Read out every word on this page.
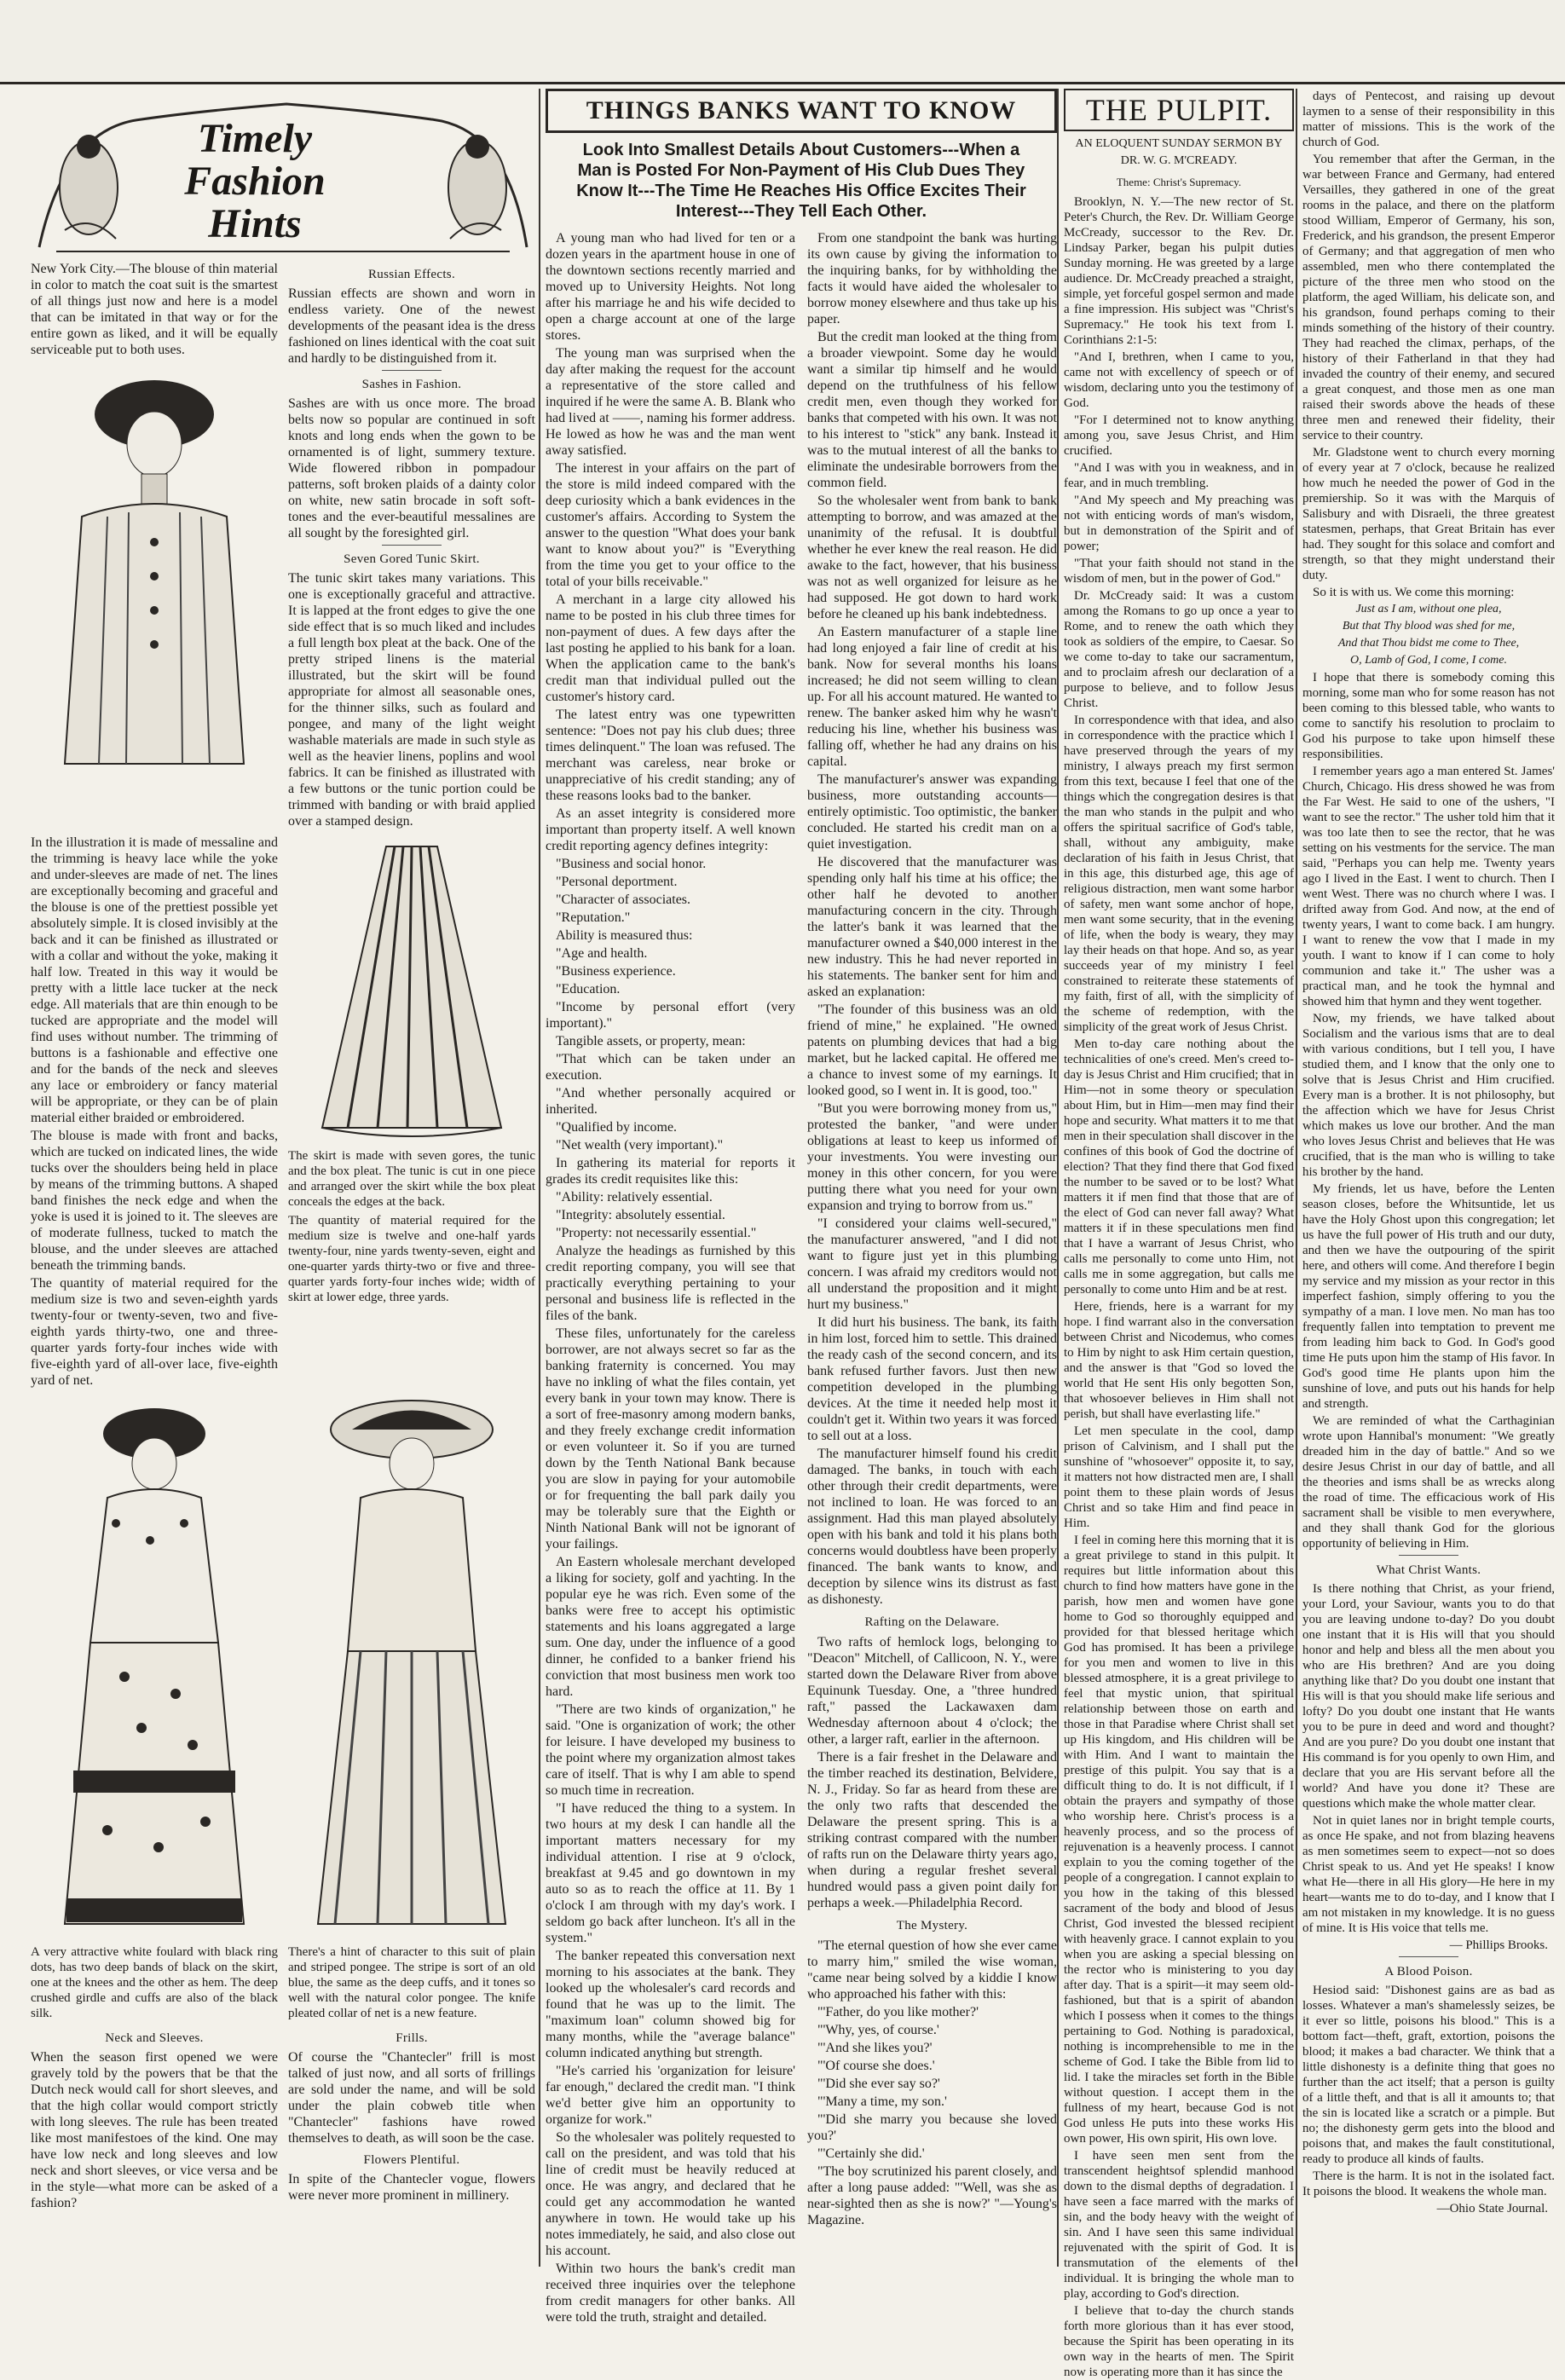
Timely
Fashion
Hints

New York City.—The blouse of thin material in color to match the coat suit is the smartest of all things just now and here is a model that can be imitated in that way or for the entire gown as liked, and it will be equally serviceable put to both uses.

Russian Effects.

Russian effects are shown and worn in endless variety. One of the newest developments of the peasant idea is the dress fashioned on lines identical with the coat suit and hardly to be distinguished from it.

Sashes in Fashion.

Sashes are with us once more. The broad belts now so popular are continued in soft knots and long ends when the gown to be ornamented is of light, summery texture. Wide flowered ribbon in pompadour patterns, soft broken plaids of a dainty color on white, new satin brocade in soft soft-tones and the ever-beautiful messalines are all sought by the foresighted girl.

Seven Gored Tunic Skirt.

The tunic skirt takes many variations. This one is exceptionally graceful and attractive. It is lapped at the front edges to give the one side effect that is so much liked and includes a full length box pleat at the back. One of the pretty striped linens is the material illustrated, but the skirt will be found appropriate for almost all seasonable ones, for the thinner silks, such as foulard and pongee, and many of the light weight washable materials are made in such style as well as the heavier linens, poplins and wool fabrics. It can be finished as illustrated with a few buttons or the tunic portion could be trimmed with banding or with braid applied over a stamped design.

In the illustration it is made of messaline and the trimming is heavy lace while the yoke and under-sleeves are made of net. The lines are exceptionally becoming and graceful and the blouse is one of the prettiest possible yet absolutely simple. It is closed invisibly at the back and it can be finished as illustrated or with a collar and without the yoke, making it half low. Treated in this way it would be pretty with a little lace tucker at the neck edge. All materials that are thin enough to be tucked are appropriate and the model will find uses without number. The trimming of buttons is a fashionable and effective one and for the bands of the neck and sleeves any lace or embroidery or fancy material will be appropriate, or they can be of plain material either braided or embroidered.

The blouse is made with front and backs, which are tucked on indicated lines, the wide tucks over the shoulders being held in place by means of the trimming buttons. A shaped band finishes the neck edge and when the yoke is used it is joined to it. The sleeves are of moderate fullness, tucked to match the blouse, and the under sleeves are attached beneath the trimming bands.

The quantity of material required for the medium size is two and seven-eighth yards twenty-four or twenty-seven, two and five-eighth yards thirty-two, one and three-quarter yards forty-four inches wide with five-eighth yard of all-over lace, five-eighth yard of net.

The skirt is made with seven gores, the tunic and the box pleat. The tunic is cut in one piece and arranged over the skirt while the box pleat conceals the edges at the back.

The quantity of material required for the medium size is twelve and one-half yards twenty-four, nine yards twenty-seven, eight and one-quarter yards thirty-two or five and three-quarter yards forty-four inches wide; width of skirt at lower edge, three yards.

A very attractive white foulard with black ring dots, has two deep bands of black on the skirt, one at the knees and the other as hem. The deep crushed girdle and cuffs are also of the black silk.

There's a hint of character to this suit of plain and striped pongee. The stripe is sort of an old blue, the same as the deep cuffs, and it tones so well with the natural color pongee. The knife pleated collar of net is a new feature.

Neck and Sleeves.

When the season first opened we were gravely told by the powers that be that the Dutch neck would call for short sleeves, and that the high collar would comport strictly with long sleeves. The rule has been treated like most manifestoes of the kind. One may have low neck and long sleeves and low neck and short sleeves, or vice versa and be in the style—what more can be asked of a fashion?

Frills.

Of course the "Chantecler" frill is most talked of just now, and all sorts of frillings are sold under the name, and will be sold under the plain cobweb title when "Chantecler" fashions have rowed themselves to death, as will soon be the case.

Flowers Plentiful.

In spite of the Chantecler vogue, flowers were never more prominent in millinery.

THINGS BANKS WANT TO KNOW
Look Into Smallest Details About Customers---When a Man is Posted For Non-Payment of His Club Dues They Know It---The Time He Reaches His Office Excites Their Interest---They Tell Each Other.

A young man who had lived for ten or a dozen years in the apartment house in one of the downtown sections recently married and moved up to University Heights. Not long after his marriage he and his wife decided to open a charge account at one of the large stores.

The young man was surprised when the day after making the request for the account a representative of the store called and inquired if he were the same A. B. Blank who had lived at ——, naming his former address. He lowed as how he was and the man went away satisfied.

The interest in your affairs on the part of the store is mild indeed compared with the deep curiosity which a bank evidences in the customer's affairs. According to System the answer to the question "What does your bank want to know about you?" is "Everything from the time you get to your office to the total of your bills receivable."

A merchant in a large city allowed his name to be posted in his club three times for non-payment of dues. A few days after the last posting he applied to his bank for a loan. When the application came to the bank's credit man that individual pulled out the customer's history card.

The latest entry was one typewritten sentence: "Does not pay his club dues; three times delinquent." The loan was refused. The merchant was careless, near broke or unappreciative of his credit standing; any of these reasons looks bad to the banker.

As an asset integrity is considered more important than property itself. A well known credit reporting agency defines integrity:

"Business and social honor.

"Personal deportment.

"Character of associates.

"Reputation."

Ability is measured thus:

"Age and health.

"Business experience.

"Education.

"Income by personal effort (very important)."

Tangible assets, or property, mean:

"That which can be taken under an execution.

"And whether personally acquired or inherited.

"Qualified by income.

"Net wealth (very important)."

In gathering its material for reports it grades its credit requisites like this:

"Ability: relatively essential.

"Integrity: absolutely essential.

"Property: not necessarily essential."

Analyze the headings as furnished by this credit reporting company, you will see that practically everything pertaining to your personal and business life is reflected in the files of the bank.

These files, unfortunately for the careless borrower, are not always secret so far as the banking fraternity is concerned. You may have no inkling of what the files contain, yet every bank in your town may know. There is a sort of free-masonry among modern banks, and they freely exchange credit information or even volunteer it. So if you are turned down by the Tenth National Bank because you are slow in paying for your automobile or for frequenting the ball park daily you may be tolerably sure that the Eighth or Ninth National Bank will not be ignorant of your failings.

An Eastern wholesale merchant developed a liking for society, golf and yachting. In the popular eye he was rich. Even some of the banks were free to accept his optimistic statements and his loans aggregated a large sum. One day, under the influence of a good dinner, he confided to a banker friend his conviction that most business men work too hard.

"There are two kinds of organization," he said. "One is organization of work; the other for leisure. I have developed my business to the point where my organization almost takes care of itself. That is why I am able to spend so much time in recreation.

"I have reduced the thing to a system. In two hours at my desk I can handle all the important matters necessary for my individual attention. I rise at 9 o'clock, breakfast at 9.45 and go downtown in my auto so as to reach the office at 11. By 1 o'clock I am through with my day's work. I seldom go back after luncheon. It's all in the system."

The banker repeated this conversation next morning to his associates at the bank. They looked up the wholesaler's card records and found that he was up to the limit. The "maximum loan" column showed big for many months, while the "average balance" column indicated anything but strength.

"He's carried his 'organization for leisure' far enough," declared the credit man. "I think we'd better give him an opportunity to organize for work."

So the wholesaler was politely requested to call on the president, and was told that his line of credit must be heavily reduced at once. He was angry, and declared that he could get any accommodation he wanted anywhere in town. He would take up his notes immediately, he said, and also close out his account.

Within two hours the bank's credit man received three inquiries over the telephone from credit managers for other banks. All were told the truth, straight and detailed.

From one standpoint the bank was hurting its own cause by giving the information to the inquiring banks, for by withholding the facts it would have aided the wholesaler to borrow money elsewhere and thus take up his paper.

But the credit man looked at the thing from a broader viewpoint. Some day he would want a similar tip himself and he would depend on the truthfulness of his fellow credit men, even though they worked for banks that competed with his own. It was not to his interest to "stick" any bank. Instead it was to the mutual interest of all the banks to eliminate the undesirable borrowers from the common field.

So the wholesaler went from bank to bank attempting to borrow, and was amazed at the unanimity of the refusal. It is doubtful whether he ever knew the real reason. He did awake to the fact, however, that his business was not as well organized for leisure as he had supposed. He got down to hard work before he cleaned up his bank indebtedness.

An Eastern manufacturer of a staple line had long enjoyed a fair line of credit at his bank. Now for several months his loans increased; he did not seem willing to clean up. For all his account matured. He wanted to renew. The banker asked him why he wasn't reducing his line, whether his business was falling off, whether he had any drains on his capital.

The manufacturer's answer was expanding business, more outstanding accounts—entirely optimistic. Too optimistic, the banker concluded. He started his credit man on a quiet investigation.

He discovered that the manufacturer was spending only half his time at his office; the other half he devoted to another manufacturing concern in the city. Through the latter's bank it was learned that the manufacturer owned a $40,000 interest in the new industry. This he had never reported in his statements. The banker sent for him and asked an explanation:

"The founder of this business was an old friend of mine," he explained. "He owned patents on plumbing devices that had a big market, but he lacked capital. He offered me a chance to invest some of my earnings. It looked good, so I went in. It is good, too."

"But you were borrowing money from us," protested the banker, "and were under obligations at least to keep us informed of your investments. You were investing our money in this other concern, for you were putting there what you need for your own expansion and trying to borrow from us."

"I considered your claims well-secured," the manufacturer answered, "and I did not want to figure just yet in this plumbing concern. I was afraid my creditors would not all understand the proposition and it might hurt my business."

It did hurt his business. The bank, its faith in him lost, forced him to settle. This drained the ready cash of the second concern, and its bank refused further favors. Just then new competition developed in the plumbing devices. At the time it needed help most it couldn't get it. Within two years it was forced to sell out at a loss.

The manufacturer himself found his credit damaged. The banks, in touch with each other through their credit departments, were not inclined to loan. He was forced to an assignment. Had this man played absolutely open with his bank and told it his plans both concerns would doubtless have been properly financed. The bank wants to know, and deception by silence wins its distrust as fast as dishonesty.

Rafting on the Delaware.

Two rafts of hemlock logs, belonging to "Deacon" Mitchell, of Callicoon, N. Y., were started down the Delaware River from above Equinunk Tuesday. One, a "three hundred raft," passed the Lackawaxen dam Wednesday afternoon about 4 o'clock; the other, a larger raft, earlier in the afternoon.

There is a fair freshet in the Delaware and the timber reached its destination, Belvidere, N. J., Friday. So far as heard from these are the only two rafts that descended the Delaware the present spring. This is a striking contrast compared with the number of rafts run on the Delaware thirty years ago, when during a regular freshet several hundred would pass a given point daily for perhaps a week.—Philadelphia Record.

The Mystery.

"The eternal question of how she ever came to marry him," smiled the wise woman, "came near being solved by a kiddie I know who approached his father with this:

"'Father, do you like mother?'

"'Why, yes, of course.'

"'And she likes you?'

"'Of course she does.'

"'Did she ever say so?'

"'Many a time, my son.'

"'Did she marry you because she loved you?'

"'Certainly she did.'

"The boy scrutinized his parent closely, and after a long pause added: "'Well, was she as near-sighted then as she is now?' "—Young's Magazine.

THE PULPIT.
AN ELOQUENT SUNDAY SERMON BY
DR. W. G. M'CREADY.
Theme: Christ's Supremacy.

Brooklyn, N. Y.—The new rector of St. Peter's Church, the Rev. Dr. William George McCready, successor to the Rev. Dr. Lindsay Parker, began his pulpit duties Sunday morning. He was greeted by a large audience. Dr. McCready preached a straight, simple, yet forceful gospel sermon and made a fine impression. His subject was "Christ's Supremacy." He took his text from I. Corinthians 2:1-5:

"And I, brethren, when I came to you, came not with excellency of speech or of wisdom, declaring unto you the testimony of God.

"For I determined not to know anything among you, save Jesus Christ, and Him crucified.

"And I was with you in weakness, and in fear, and in much trembling.

"And My speech and My preaching was not with enticing words of man's wisdom, but in demonstration of the Spirit and of power;

"That your faith should not stand in the wisdom of men, but in the power of God."

Dr. McCready said: It was a custom among the Romans to go up once a year to Rome, and to renew the oath which they took as soldiers of the empire, to Caesar. So we come to-day to take our sacramentum, and to proclaim afresh our declaration of a purpose to believe, and to follow Jesus Christ.

In correspondence with that idea, and also in correspondence with the practice which I have preserved through the years of my ministry, I always preach my first sermon from this text, because I feel that one of the things which the congregation desires is that the man who stands in the pulpit and who offers the spiritual sacrifice of God's table, shall, without any ambiguity, make declaration of his faith in Jesus Christ, that in this age, this disturbed age, this age of religious distraction, men want some harbor of safety, men want some anchor of hope, men want some security, that in the evening of life, when the body is weary, they may lay their heads on that hope. And so, as year succeeds year of my ministry I feel constrained to reiterate these statements of my faith, first of all, with the simplicity of the scheme of redemption, with the simplicity of the great work of Jesus Christ.

Men to-day care nothing about the technicalities of one's creed. Men's creed to-day is Jesus Christ and Him crucified; that in Him—not in some theory or speculation about Him, but in Him—men may find their hope and security. What matters it to me that men in their speculation shall discover in the confines of this book of God the doctrine of election? That they find there that God fixed the number to be saved or to be lost? What matters it if men find that those that are of the elect of God can never fall away? What matters it if in these speculations men find that I have a warrant of Jesus Christ, who calls me personally to come unto Him, not calls me in some aggregation, but calls me personally to come unto Him and be at rest.

Here, friends, here is a warrant for my hope. I find warrant also in the conversation between Christ and Nicodemus, who comes to Him by night to ask Him certain question, and the answer is that "God so loved the world that He sent His only begotten Son, that whosoever believes in Him shall not perish, but shall have everlasting life."

Let men speculate in the cool, damp prison of Calvinism, and I shall put the sunshine of "whosoever" opposite it, to say, it matters not how distracted men are, I shall point them to these plain words of Jesus Christ and so take Him and find peace in Him.

I feel in coming here this morning that it is a great privilege to stand in this pulpit. It requires but little information about this church to find how matters have gone in the parish, how men and women have gone home to God so thoroughly equipped and provided for that blessed heritage which God has promised. It has been a privilege for you men and women to live in this blessed atmosphere, it is a great privilege to feel that mystic union, that spiritual relationship between those on earth and those in that Paradise where Christ shall set up His kingdom, and His children will be with Him. And I want to maintain the prestige of this pulpit. You say that is a difficult thing to do. It is not difficult, if I obtain the prayers and sympathy of those who worship here. Christ's process is a heavenly process, and so the process of rejuvenation is a heavenly process. I cannot explain to you the coming together of the people of a congregation. I cannot explain to you how in the taking of this blessed sacrament of the body and blood of Jesus Christ, God invested the blessed recipient with heavenly grace. I cannot explain to you when you are asking a special blessing on the rector who is ministering to you day after day. That is a spirit—it may seem old-fashioned, but that is a spirit of abandon which I possess when it comes to the things pertaining to God. Nothing is paradoxical, nothing is incomprehensible to me in the scheme of God. I take the Bible from lid to lid. I take the miracles set forth in the Bible without question. I accept them in the fullness of my heart, because God is not God unless He puts into these works His own power, His own spirit, His own love.

I have seen men sent from the transcendent heightsof splendid manhood down to the dismal depths of degradation. I have seen a face marred with the marks of sin, and the body heavy with the weight of sin. And I have seen this same individual rejuvenated with the spirit of God. It is transmutation of the elements of the individual. It is bringing the whole man to play, according to God's direction.

I believe that to-day the church stands forth more glorious than it has ever stood, because the Spirit has been operating in its own way in the hearts of men. The Spirit now is operating more than it has since the

days of Pentecost, and raising up devout laymen to a sense of their responsibility in this matter of missions. This is the work of the church of God.

You remember that after the German, in the war between France and Germany, had entered Versailles, they gathered in one of the great rooms in the palace, and there on the platform stood William, Emperor of Germany, his son, Frederick, and his grandson, the present Emperor of Germany; and that aggregation of men who assembled, men who there contemplated the picture of the three men who stood on the platform, the aged William, his delicate son, and his grandson, found perhaps coming to their minds something of the history of their country. They had reached the climax, perhaps, of the history of their Fatherland in that they had invaded the country of their enemy, and secured a great conquest, and those men as one man raised their swords above the heads of these three men and renewed their fidelity, their service to their country.

Mr. Gladstone went to church every morning of every year at 7 o'clock, because he realized how much he needed the power of God in the premiership. So it was with the Marquis of Salisbury and with Disraeli, the three greatest statesmen, perhaps, that Great Britain has ever had. They sought for this solace and comfort and strength, so that they might understand their duty.

So it is with us. We come this morning:

Just as I am, without one plea,
But that Thy blood was shed for me,
And that Thou bidst me come to Thee,
O, Lamb of God, I come, I come.

I hope that there is somebody coming this morning, some man who for some reason has not been coming to this blessed table, who wants to come to sanctify his resolution to proclaim to God his purpose to take upon himself these responsibilities.

I remember years ago a man entered St. James' Church, Chicago. His dress showed he was from the Far West. He said to one of the ushers, "I want to see the rector." The usher told him that it was too late then to see the rector, that he was setting on his vestments for the service. The man said, "Perhaps you can help me. Twenty years ago I lived in the East. I went to church. Then I went West. There was no church where I was. I drifted away from God. And now, at the end of twenty years, I want to come back. I am hungry. I want to renew the vow that I made in my youth. I want to know if I can come to holy communion and take it." The usher was a practical man, and he took the hymnal and showed him that hymn and they went together.

Now, my friends, we have talked about Socialism and the various isms that are to deal with various conditions, but I tell you, I have studied them, and I know that the only one to solve that is Jesus Christ and Him crucified. Every man is a brother. It is not philosophy, but the affection which we have for Jesus Christ which makes us love our brother. And the man who loves Jesus Christ and believes that He was crucified, that is the man who is willing to take his brother by the hand.

My friends, let us have, before the Lenten season closes, before the Whitsuntide, let us have the Holy Ghost upon this congregation; let us have the full power of His truth and our duty, and then we have the outpouring of the spirit here, and others will come. And therefore I begin my service and my mission as your rector in this imperfect fashion, simply offering to you the sympathy of a man. I love men. No man has too frequently fallen into temptation to prevent me from leading him back to God. In God's good time He puts upon him the stamp of His favor. In God's good time He plants upon him the sunshine of love, and puts out his hands for help and strength.

We are reminded of what the Carthaginian wrote upon Hannibal's monument: "We greatly dreaded him in the day of battle." And so we desire Jesus Christ in our day of battle, and all the theories and isms shall be as wrecks along the road of time. The efficacious work of His sacrament shall be visible to men everywhere, and they shall thank God for the glorious opportunity of believing in Him.

What Christ Wants.

Is there nothing that Christ, as your friend, your Lord, your Saviour, wants you to do that you are leaving undone to-day? Do you doubt one instant that it is His will that you should honor and help and bless all the men about you who are His brethren? And are you doing anything like that? Do you doubt one instant that His will is that you should make life serious and lofty? Do you doubt one instant that He wants you to be pure in deed and word and thought? And are you pure? Do you doubt one instant that His command is for you openly to own Him, and declare that you are His servant before all the world? And have you done it? These are questions which make the whole matter clear.

Not in quiet lanes nor in bright temple courts, as once He spake, and not from blazing heavens as men sometimes seem to expect—not so does Christ speak to us. And yet He speaks! I know what He—there in all His glory—He here in my heart—wants me to do to-day, and I know that I am not mistaken in my knowledge. It is no guess of mine. It is His voice that tells me.

— Phillips Brooks.
A Blood Poison.

Hesiod said: "Dishonest gains are as bad as losses. Whatever a man's shamelessly seizes, be it ever so little, poisons his blood." This is a bottom fact—theft, graft, extortion, poisons the blood; it makes a bad character. We think that a little dishonesty is a definite thing that goes no further than the act itself; that a person is guilty of a little theft, and that is all it amounts to; that the sin is located like a scratch or a pimple. But no; the dishonesty germ gets into the blood and poisons that, and makes the fault constitutional, ready to produce all kinds of faults.

There is the harm. It is not in the isolated fact. It poisons the blood. It weakens the whole man.

—Ohio State Journal.
